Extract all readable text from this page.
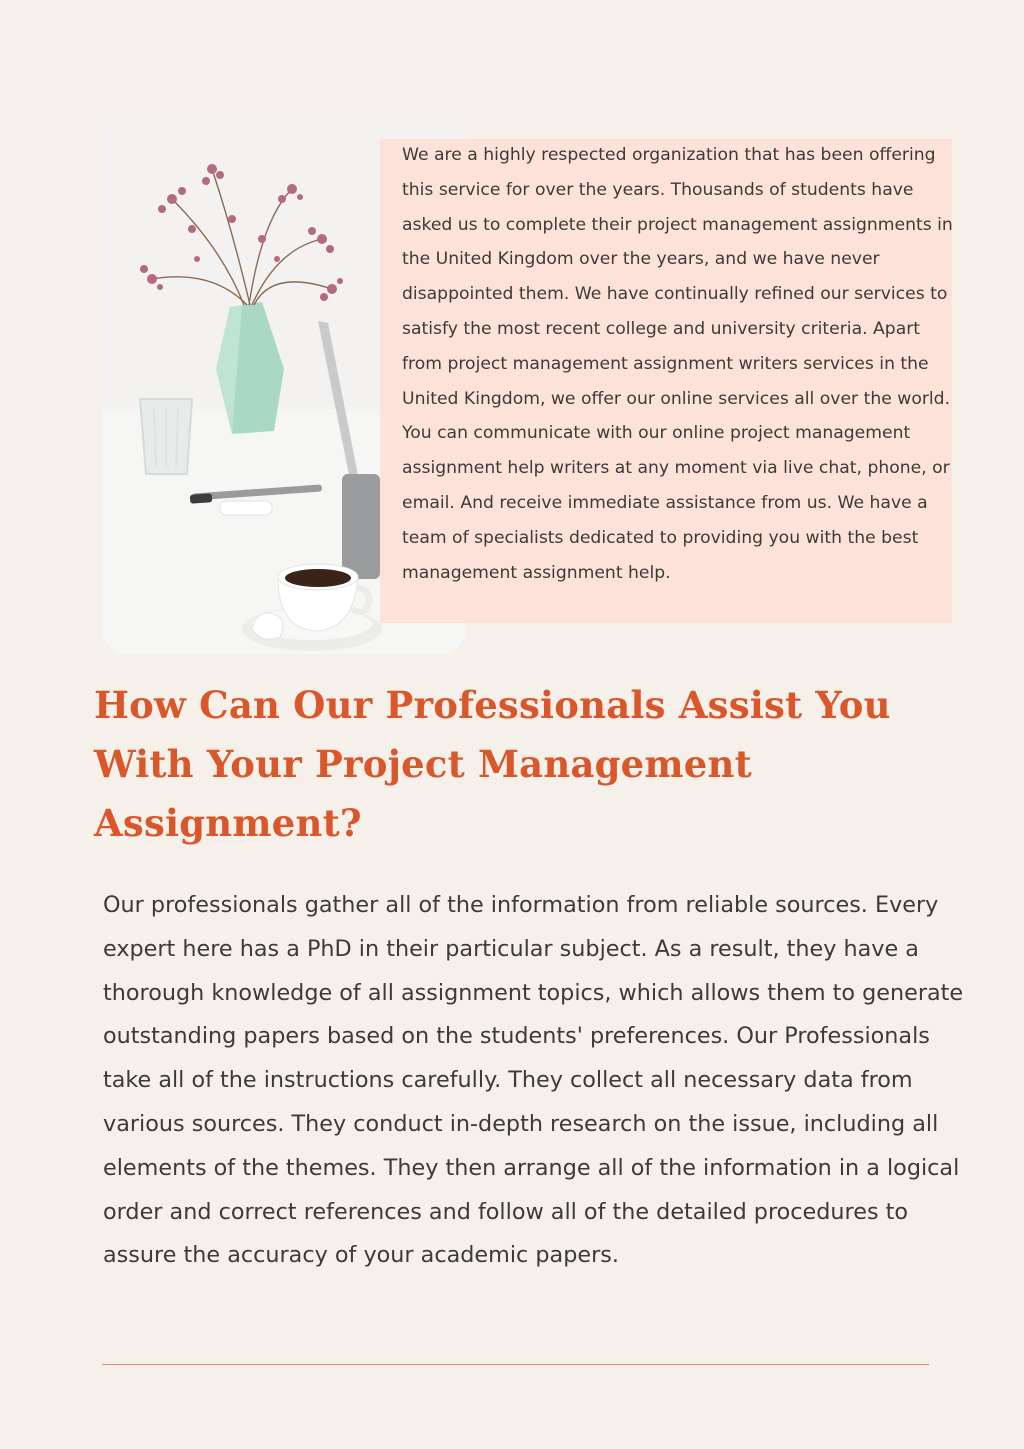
We are a highly respected organization that has been offering this service for over the years. Thousands of students have asked us to complete their project management assignments in the United Kingdom over the years, and we have never disappointed them. We have continually refined our services to satisfy the most recent college and university criteria. Apart from project management assignment writers services in the United Kingdom, we offer our online services all over the world. You can communicate with our online project management assignment help writers at any moment via live chat, phone, or email. And receive immediate assistance from us. We have a team of specialists dedicated to providing you with the best management assignment help.

How Can Our Professionals Assist You With Your Project Management Assignment?

Our professionals gather all of the information from reliable sources. Every expert here has a PhD in their particular subject. As a result, they have a thorough knowledge of all assignment topics, which allows them to generate outstanding papers based on the students' preferences. Our Professionals take all of the instructions carefully. They collect all necessary data from various sources. They conduct in-depth research on the issue, including all elements of the themes. They then arrange all of the information in a logical order and correct references and follow all of the detailed procedures to assure the accuracy of your academic papers.
